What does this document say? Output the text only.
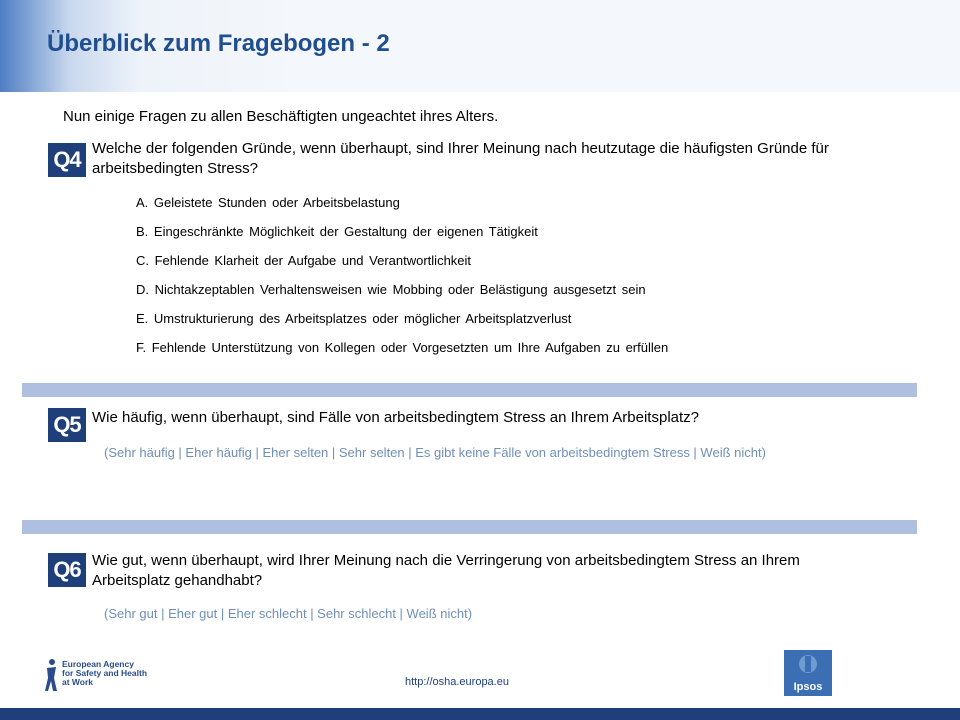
Überblick zum Fragebogen - 2
Nun einige Fragen zu allen Beschäftigten ungeachtet ihres Alters.
Q4 Welche der folgenden Gründe, wenn überhaupt, sind Ihrer Meinung nach heutzutage die häufigsten Gründe für arbeitsbedingten Stress?
A. Geleistete Stunden oder Arbeitsbelastung
B. Eingeschränkte Möglichkeit der Gestaltung der eigenen Tätigkeit
C. Fehlende Klarheit der Aufgabe und Verantwortlichkeit
D. Nichtakzeptablen Verhaltensweisen wie Mobbing oder Belästigung ausgesetzt sein
E. Umstrukturierung des Arbeitsplatzes oder möglicher Arbeitsplatzverlust
F. Fehlende Unterstützung von Kollegen oder Vorgesetzten um Ihre Aufgaben zu erfüllen
Q5 Wie häufig, wenn überhaupt, sind Fälle von arbeitsbedingtem Stress an Ihrem Arbeitsplatz?
(Sehr häufig | Eher häufig | Eher selten | Sehr selten | Es gibt keine Fälle von arbeitsbedingtem Stress | Weiß nicht)
Q6 Wie gut, wenn überhaupt, wird Ihrer Meinung nach die Verringerung von arbeitsbedingtem Stress an Ihrem Arbeitsplatz gehandhabt?
(Sehr gut | Eher gut | Eher schlecht | Sehr schlecht | Weiß nicht)
European Agency
for Safety and Health
at Work	http://osha.europa.eu	Ipsos
